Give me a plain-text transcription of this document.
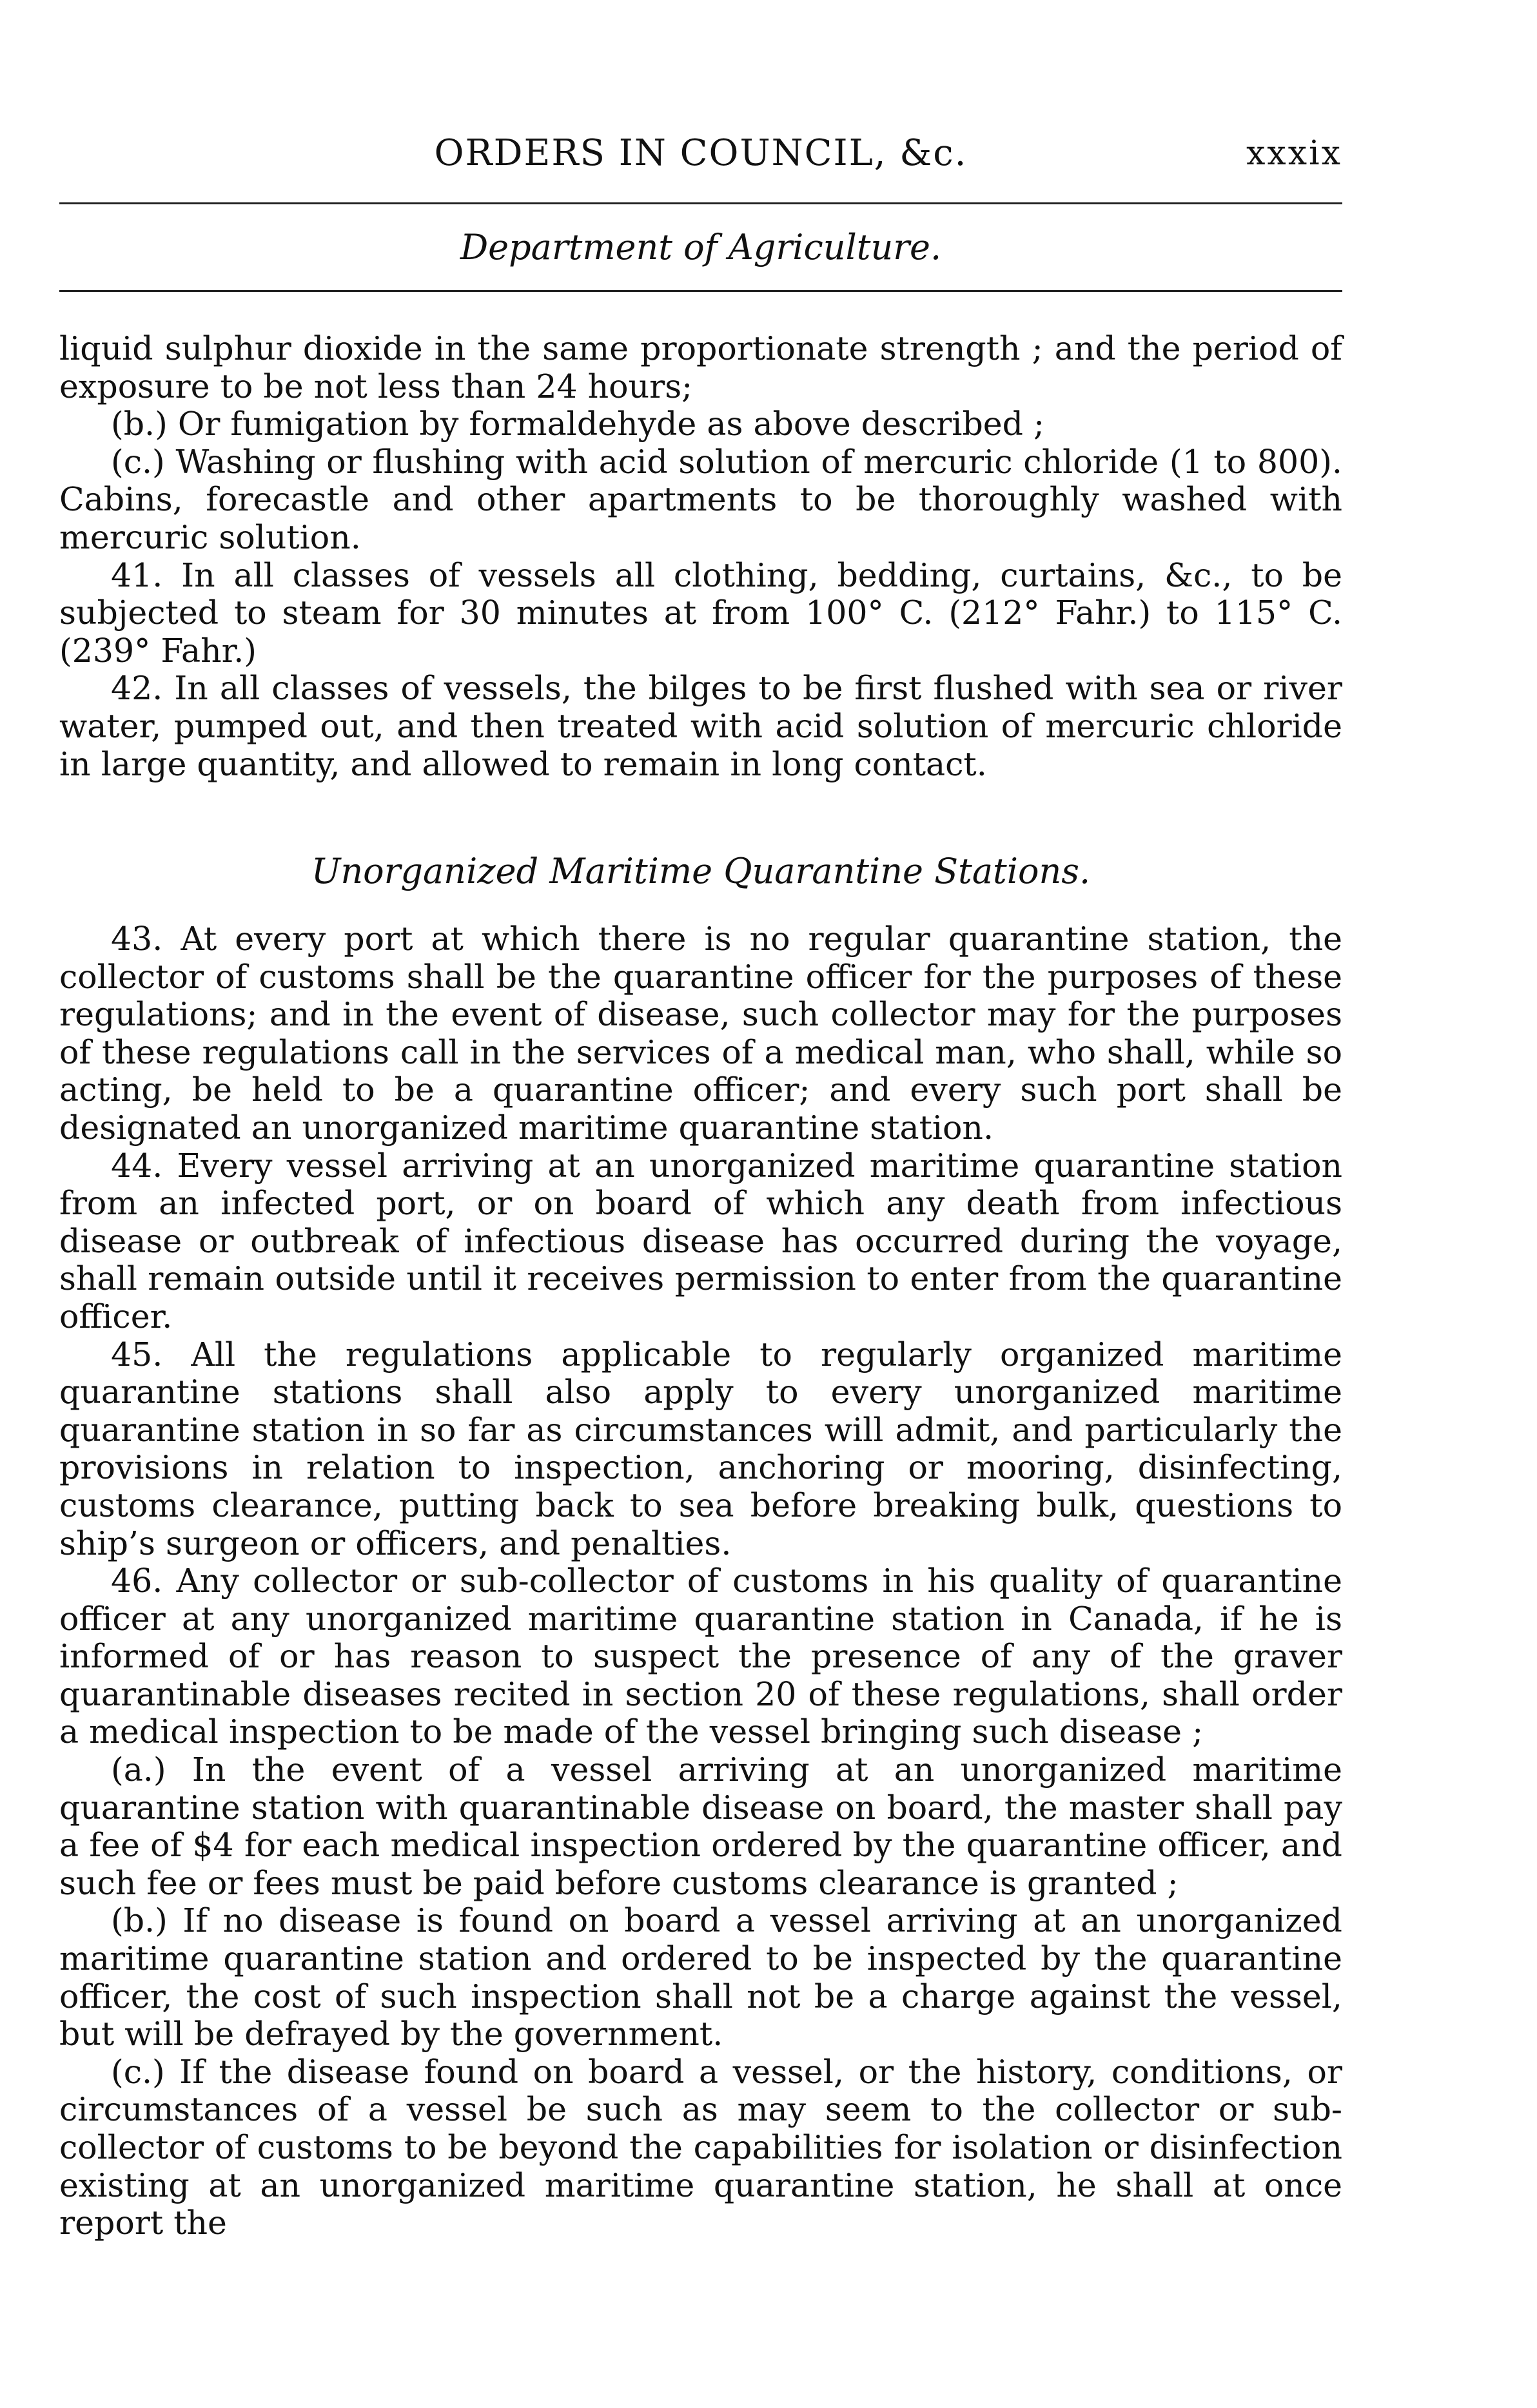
ORDERS IN COUNCIL, &c.	xxxix
Department of Agriculture.

liquid sulphur dioxide in the same proportionate strength ; and the period of exposure to be not less than 24 hours;

(b.) Or fumigation by formaldehyde as above described ;

(c.) Washing or flushing with acid solution of mercuric chloride (1 to 800). Cabins, forecastle and other apartments to be thoroughly washed with mercuric solution.

41. In all classes of vessels all clothing, bedding, curtains, &c., to be subjected to steam for 30 minutes at from 100° C. (212° Fahr.) to 115° C. (239° Fahr.)

42. In all classes of vessels, the bilges to be first flushed with sea or river water, pumped out, and then treated with acid solution of mercuric chloride in large quantity, and allowed to remain in long contact.

Unorganized Maritime Quarantine Stations.

43. At every port at which there is no regular quarantine station, the collector of customs shall be the quarantine officer for the purposes of these regulations; and in the event of disease, such collector may for the purposes of these regulations call in the services of a medical man, who shall, while so acting, be held to be a quarantine officer; and every such port shall be designated an unorganized maritime quarantine station.

44. Every vessel arriving at an unorganized maritime quarantine station from an infected port, or on board of which any death from infectious disease or outbreak of infectious disease has occurred during the voyage, shall remain outside until it receives permission to enter from the quarantine officer.

45. All the regulations applicable to regularly organized maritime quarantine stations shall also apply to every unorganized maritime quarantine station in so far as circumstances will admit, and particularly the provisions in relation to inspection, anchoring or mooring, disinfecting, customs clearance, putting back to sea before breaking bulk, questions to ship’s surgeon or officers, and penalties.

46. Any collector or sub-collector of customs in his quality of quarantine officer at any unorganized maritime quarantine station in Canada, if he is informed of or has reason to suspect the presence of any of the graver quarantinable diseases recited in section 20 of these regulations, shall order a medical inspection to be made of the vessel bringing such disease ;

(a.) In the event of a vessel arriving at an unorganized maritime quarantine station with quarantinable disease on board, the master shall pay a fee of $4 for each medical inspection ordered by the quarantine officer, and such fee or fees must be paid before customs clearance is granted ;

(b.) If no disease is found on board a vessel arriving at an unorganized maritime quarantine station and ordered to be inspected by the quarantine officer, the cost of such inspection shall not be a charge against the vessel, but will be defrayed by the government.

(c.) If the disease found on board a vessel, or the history, conditions, or circumstances of a vessel be such as may seem to the collector or sub-collector of customs to be beyond the capabilities for isolation or disinfection existing at an unorganized maritime quarantine station, he shall at once report the
